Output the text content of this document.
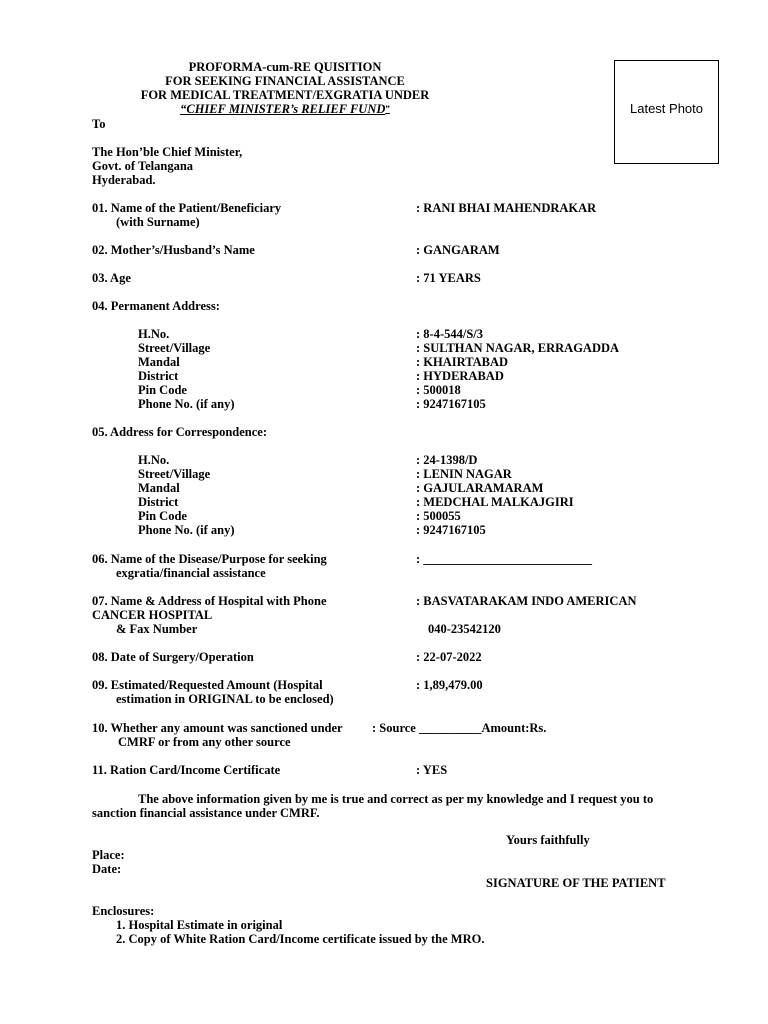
PROFORMA-cum-RE QUISITION
FOR SEEKING FINANCIAL ASSISTANCE
FOR MEDICAL TREATMENT/EXGRATIA UNDER
“CHIEF MINISTER’s RELIEF FUND”	Latest Photo
To
The Hon’ble Chief Minister,
Govt. of Telangana
Hyderabad.
01. Name of the Patient/Beneficiary	: RANI BHAI MAHENDRAKAR
(with Surname)
02. Mother’s/Husband’s Name	: GANGARAM
03. Age	: 71 YEARS
04. Permanent Address:
H.No.	: 8-4-544/S/3
Street/Village	: SULTHAN NAGAR, ERRAGADDA
Mandal	: KHAIRTABAD
District	: HYDERABAD
Pin Code	: 500018
Phone No. (if any)	: 9247167105
05. Address for Correspondence:
H.No.	: 24-1398/D
Street/Village	: LENIN NAGAR
Mandal	: GAJULARAMARAM
District	: MEDCHAL MALKAJGIRI
Pin Code	: 500055
Phone No. (if any)	: 9247167105
06. Name of the Disease/Purpose for seeking	: ___________________________
exgratia/financial assistance
07. Name & Address of Hospital with Phone	: BASVATARAKAM INDO AMERICAN
CANCER HOSPITAL
& Fax Number	040-23542120
08. Date of Surgery/Operation	: 22-07-2022
09. Estimated/Requested Amount (Hospital	: 1,89,479.00
estimation in ORIGINAL to be enclosed)
10. Whether any amount was sanctioned under : Source __________Amount:Rs.
CMRF or from any other source
11. Ration Card/Income Certificate	: YES
The above information given by me is true and correct as per my knowledge and I request you to
sanction financial assistance under CMRF.
Yours faithfully
Place:
Date:
SIGNATURE OF THE PATIENT
Enclosures:
1. Hospital Estimate in original
2. Copy of White Ration Card/Income certificate issued by the MRO.
